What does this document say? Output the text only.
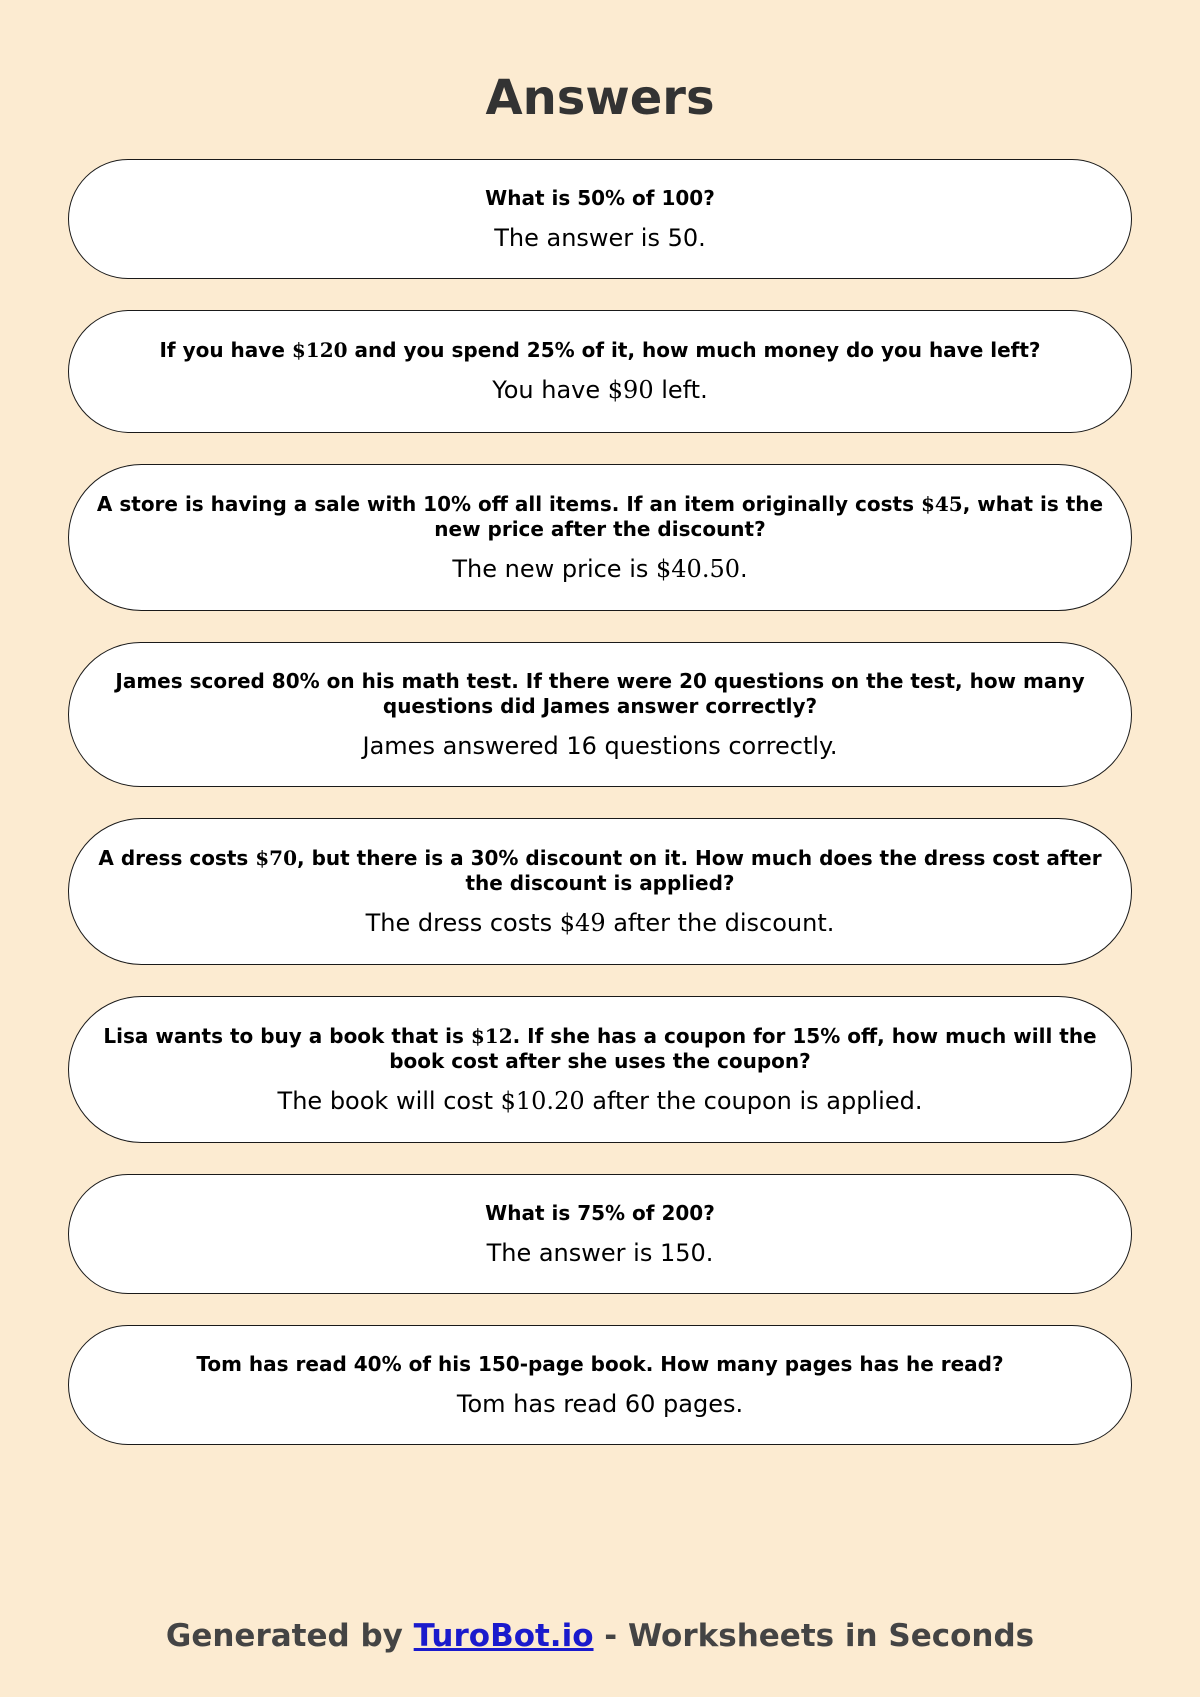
Answers

What is 50% of 100?

The answer is 50.

If you have $120 and you spend 25% of it, how much money do you have left?

You have $90 left.

A store is having a sale with 10% off all items. If an item originally costs $45, what is the new price after the discount?

The new price is $40.50.

James scored 80% on his math test. If there were 20 questions on the test, how many questions did James answer correctly?

James answered 16 questions correctly.

A dress costs $70, but there is a 30% discount on it. How much does the dress cost after the discount is applied?

The dress costs $49 after the discount.

Lisa wants to buy a book that is $12. If she has a coupon for 15% off, how much will the book cost after she uses the coupon?

The book will cost $10.20 after the coupon is applied.

What is 75% of 200?

The answer is 150.

Tom has read 40% of his 150-page book. How many pages has he read?

Tom has read 60 pages.
Generated by TuroBot.io - Worksheets in Seconds
